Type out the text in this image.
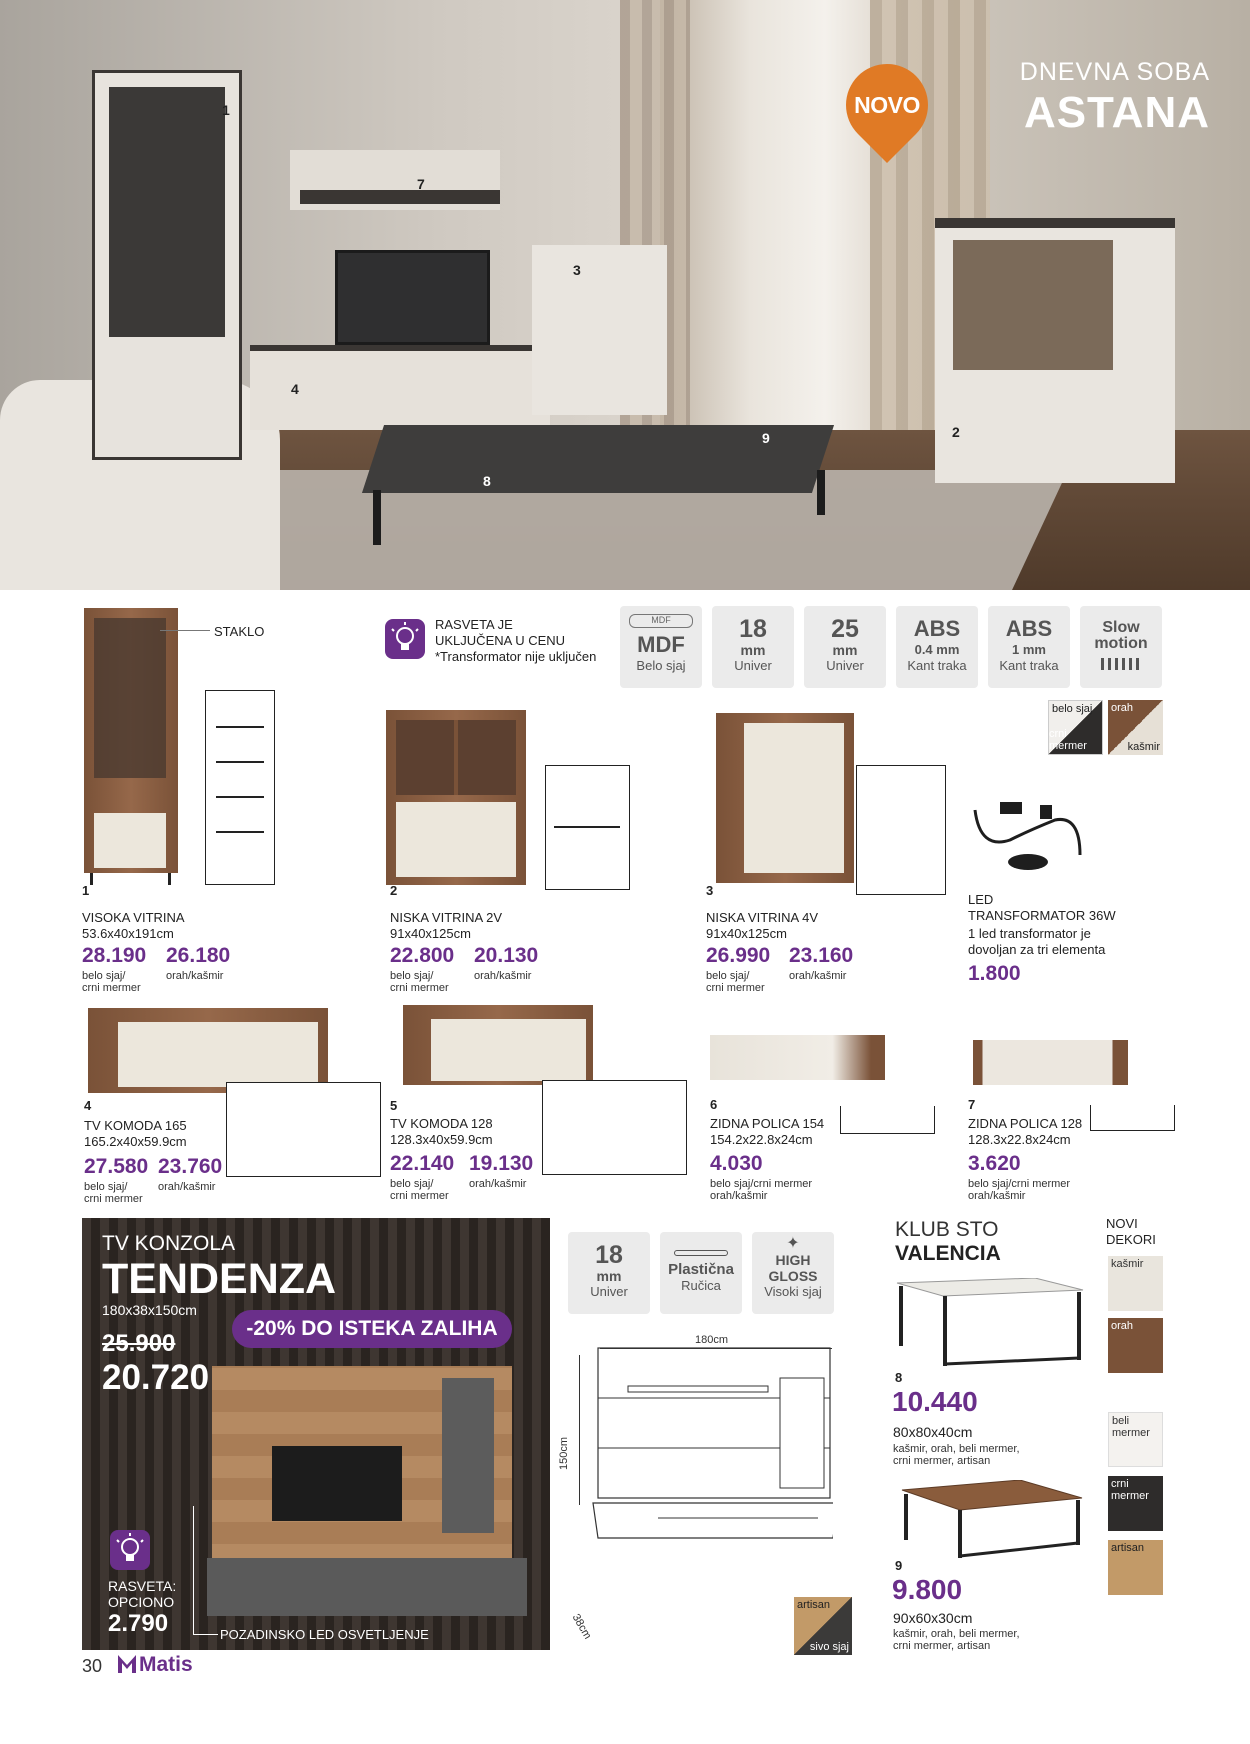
1
7
3
4
2
9
8
NOVO
DNEVNA SOBA
ASTANA
STAKLO
1
VISOKA VITRINA
53.6x40x191cm
28.190 26.180
belo sjaj/
crni mermer
orah/kašmir
RASVETA JE
UKLJUČENA U CENU
*Transformator nije uključen
MDF
MDF
Belo sjaj
18
mm
Univer
25
mm
Univer
ABS
0.4 mm
Kant traka
ABS
1 mm
Kant traka
Slow
motion
belo sjaj
crni mermer
orah
kašmir
2
NISKA VITRINA 2V
91x40x125cm
22.800 20.130
belo sjaj/
crni mermer
orah/kašmir
3
NISKA VITRINA 4V
91x40x125cm
26.990 23.160
belo sjaj/
crni mermer
orah/kašmir
LED
TRANSFORMATOR 36W
1 led transformator je
dovoljan za tri elementa
1.800
4
TV KOMODA 165
165.2x40x59.9cm
27.580 23.760
belo sjaj/
crni mermer
orah/kašmir
5
TV KOMODA 128
128.3x40x59.9cm
22.140 19.130
belo sjaj/
crni mermer
orah/kašmir
6
ZIDNA POLICA 154
154.2x22.8x24cm
4.030
belo sjaj/crni mermer
orah/kašmir
7
ZIDNA POLICA 128
128.3x22.8x24cm
3.620
belo sjaj/crni mermer
orah/kašmir
TV KONZOLA
TENDENZA
180x38x150cm
-20% DO ISTEKA ZALIHA
25.900
20.720
RASVETA:
OPCIONO
2.790	POZADINSKO LED OSVETLJENJE
18
mm
Univer
Plastična
Ručica
✦
HIGH
GLOSS
Visoki sjaj
180cm
150cm
38cm
artisan
sivo sjaj
KLUB STO
VALENCIA
8
10.440
80x80x40cm
kašmir, orah, beli mermer,
crni mermer, artisan
9
9.800
90x60x30cm
kašmir, orah, beli mermer,
crni mermer, artisan
NOVI
DEKORI
kašmir
orah
beli mermer
crni mermer
artisan
30 Matis
